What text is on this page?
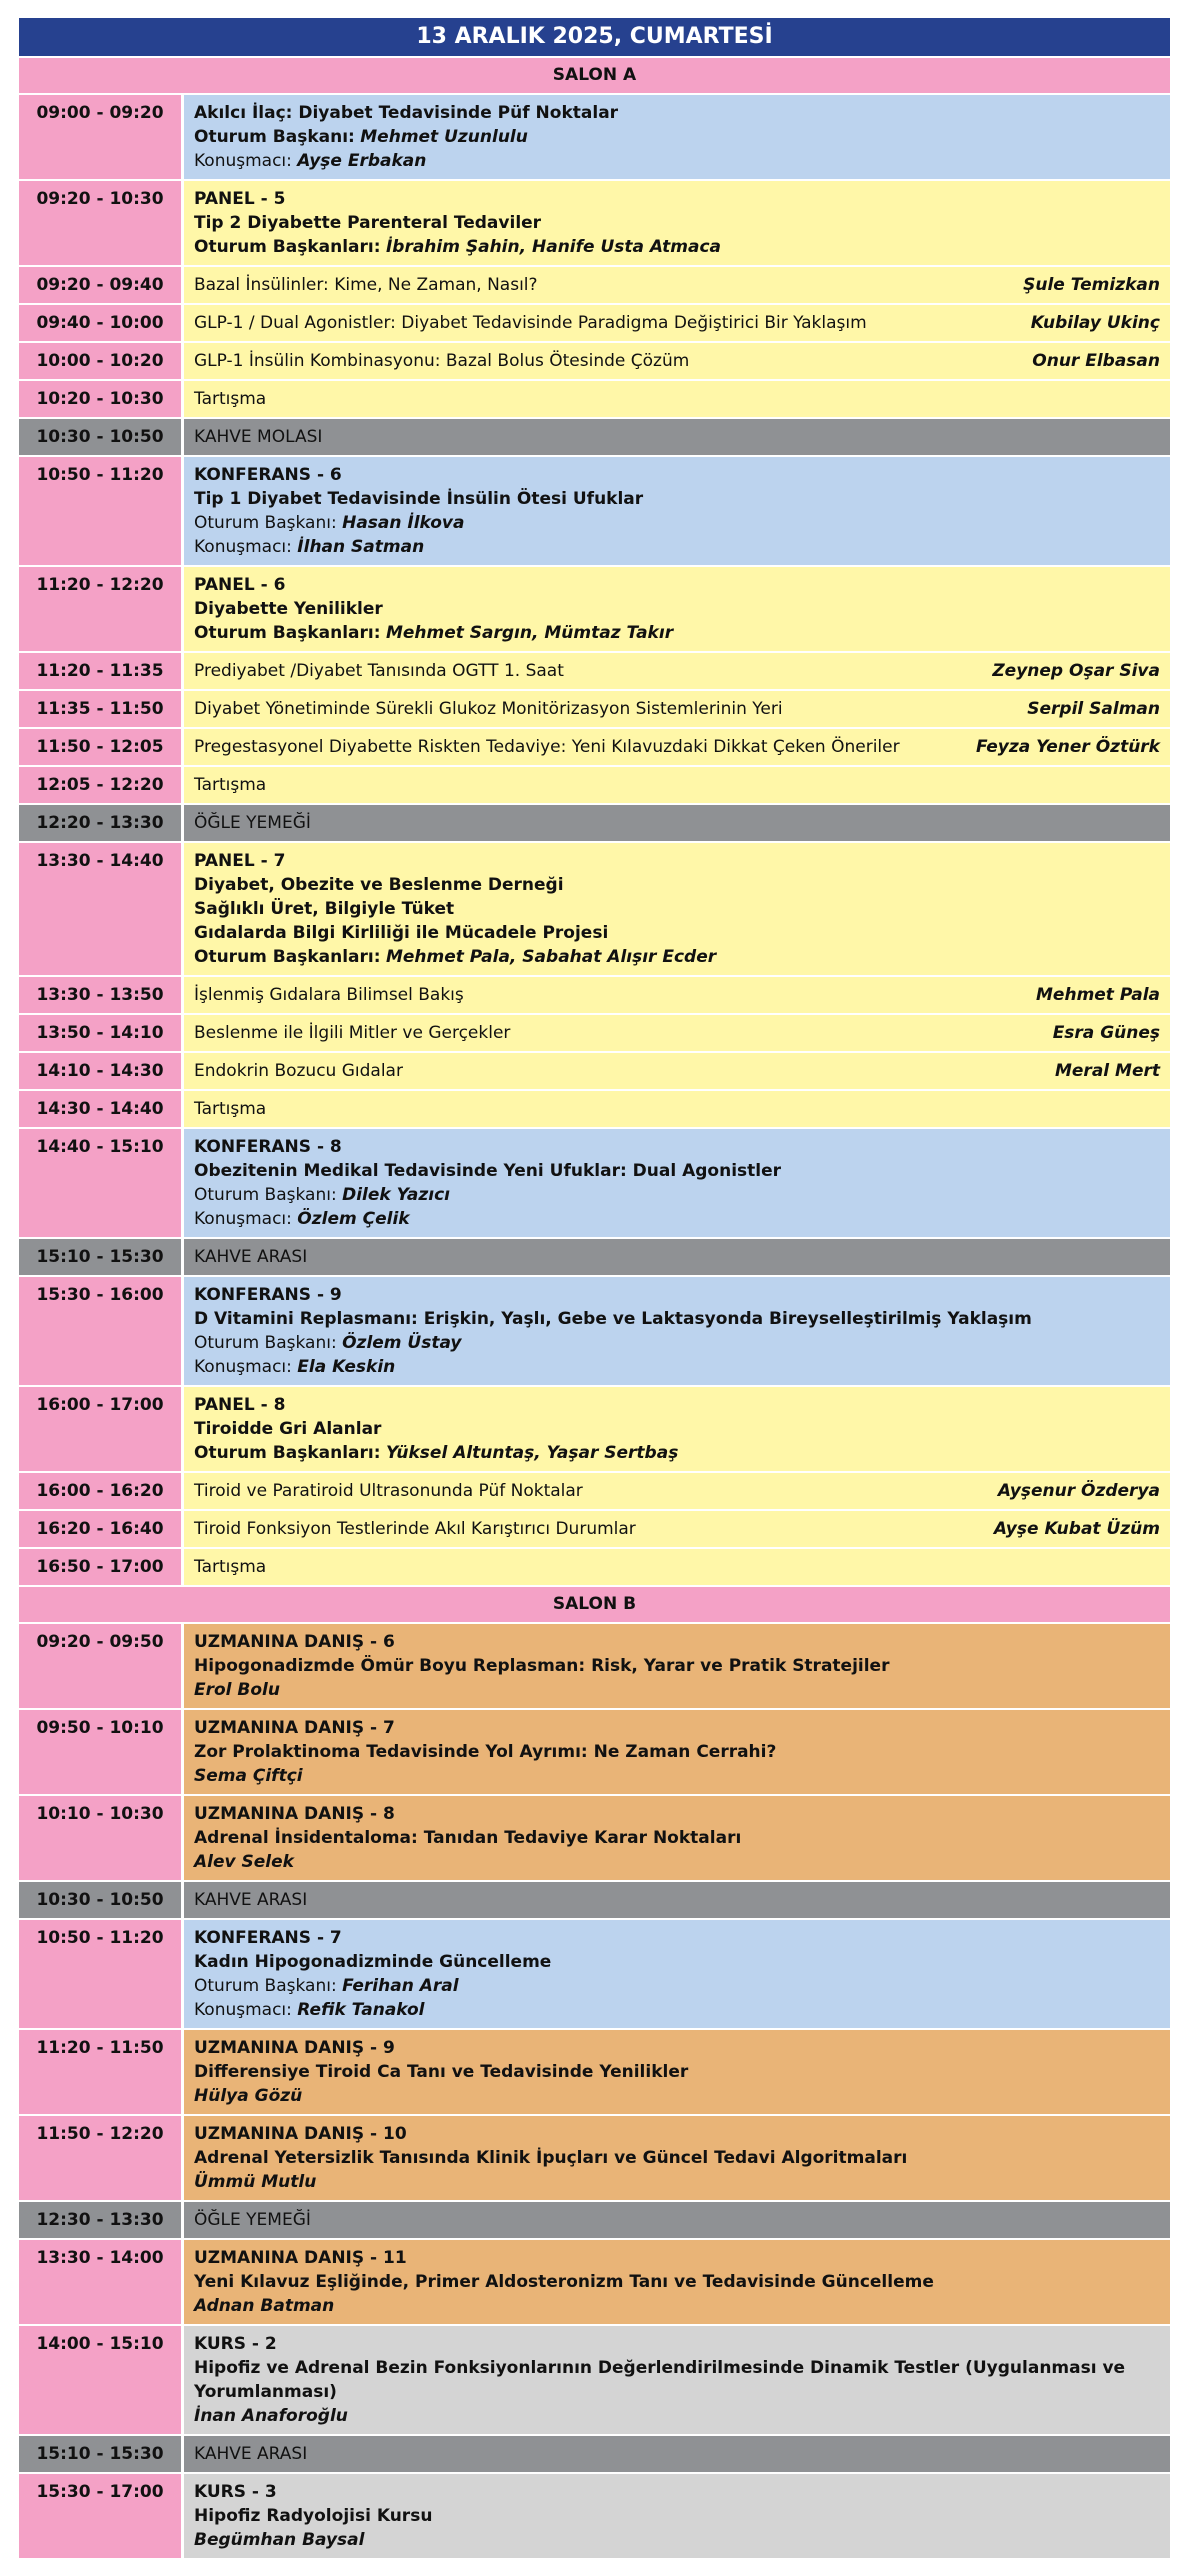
13 ARALIK 2025, CUMARTESİ
SALON A
09:00 - 09:20	Akılcı İlaç: Diyabet Tedavisinde Püf Noktalar
Oturum Başkanı: Mehmet Uzunlulu
Konuşmacı: Ayşe Erbakan
09:20 - 10:30	PANEL - 5
Tip 2 Diyabette Parenteral Tedaviler
Oturum Başkanları: İbrahim Şahin, Hanife Usta Atmaca
09:20 - 09:40	Bazal İnsülinler: Kime, Ne Zaman, Nasıl?	Şule Temizkan
09:40 - 10:00	GLP-1 / Dual Agonistler: Diyabet Tedavisinde Paradigma Değiştirici Bir Yaklaşım	Kubilay Ukinç
10:00 - 10:20	GLP-1 İnsülin Kombinasyonu: Bazal Bolus Ötesinde Çözüm	Onur Elbasan
10:20 - 10:30	Tartışma
10:30 - 10:50	KAHVE MOLASI
10:50 - 11:20	KONFERANS - 6
Tip 1 Diyabet Tedavisinde İnsülin Ötesi Ufuklar
Oturum Başkanı: Hasan İlkova
Konuşmacı: İlhan Satman
11:20 - 12:20	PANEL - 6
Diyabette Yenilikler
Oturum Başkanları: Mehmet Sargın, Mümtaz Takır
11:20 - 11:35	Prediyabet /Diyabet Tanısında OGTT 1. Saat	Zeynep Oşar Siva
11:35 - 11:50	Diyabet Yönetiminde Sürekli Glukoz Monitörizasyon Sistemlerinin Yeri	Serpil Salman
11:50 - 12:05	Pregestasyonel Diyabette Riskten Tedaviye: Yeni Kılavuzdaki Dikkat Çeken Öneriler	Feyza Yener Öztürk
12:05 - 12:20	Tartışma
12:20 - 13:30	ÖĞLE YEMEĞİ
13:30 - 14:40	PANEL - 7
Diyabet, Obezite ve Beslenme Derneği
Sağlıklı Üret, Bilgiyle Tüket
Gıdalarda Bilgi Kirliliği ile Mücadele Projesi
Oturum Başkanları: Mehmet Pala, Sabahat Alışır Ecder
13:30 - 13:50	İşlenmiş Gıdalara Bilimsel Bakış	Mehmet Pala
13:50 - 14:10	Beslenme ile İlgili Mitler ve Gerçekler	Esra Güneş
14:10 - 14:30	Endokrin Bozucu Gıdalar	Meral Mert
14:30 - 14:40	Tartışma
14:40 - 15:10	KONFERANS - 8
Obezitenin Medikal Tedavisinde Yeni Ufuklar: Dual Agonistler
Oturum Başkanı: Dilek Yazıcı
Konuşmacı: Özlem Çelik
15:10 - 15:30	KAHVE ARASI
15:30 - 16:00	KONFERANS - 9
D Vitamini Replasmanı: Erişkin, Yaşlı, Gebe ve Laktasyonda Bireyselleştirilmiş Yaklaşım
Oturum Başkanı: Özlem Üstay
Konuşmacı: Ela Keskin
16:00 - 17:00	PANEL - 8
Tiroidde Gri Alanlar
Oturum Başkanları: Yüksel Altuntaş, Yaşar Sertbaş
16:00 - 16:20	Tiroid ve Paratiroid Ultrasonunda Püf Noktalar	Ayşenur Özderya
16:20 - 16:40	Tiroid Fonksiyon Testlerinde Akıl Karıştırıcı Durumlar	Ayşe Kubat Üzüm
16:50 - 17:00	Tartışma
SALON B
09:20 - 09:50	UZMANINA DANIŞ - 6
Hipogonadizmde Ömür Boyu Replasman: Risk, Yarar ve Pratik Stratejiler
Erol Bolu
09:50 - 10:10	UZMANINA DANIŞ - 7
Zor Prolaktinoma Tedavisinde Yol Ayrımı: Ne Zaman Cerrahi?
Sema Çiftçi
10:10 - 10:30	UZMANINA DANIŞ - 8
Adrenal İnsidentaloma: Tanıdan Tedaviye Karar Noktaları
Alev Selek
10:30 - 10:50	KAHVE ARASI
10:50 - 11:20	KONFERANS - 7
Kadın Hipogonadizminde Güncelleme
Oturum Başkanı: Ferihan Aral
Konuşmacı: Refik Tanakol
11:20 - 11:50	UZMANINA DANIŞ - 9
Differensiye Tiroid Ca Tanı ve Tedavisinde Yenilikler
Hülya Gözü
11:50 - 12:20	UZMANINA DANIŞ - 10
Adrenal Yetersizlik Tanısında Klinik İpuçları ve Güncel Tedavi Algoritmaları
Ümmü Mutlu
12:30 - 13:30	ÖĞLE YEMEĞİ
13:30 - 14:00	UZMANINA DANIŞ - 11
Yeni Kılavuz Eşliğinde, Primer Aldosteronizm Tanı ve Tedavisinde Güncelleme
Adnan Batman
14:00 - 15:10	KURS - 2
Hipofiz ve Adrenal Bezin Fonksiyonlarının Değerlendirilmesinde Dinamik Testler (Uygulanması ve Yorumlanması)
İnan Anaforoğlu
15:10 - 15:30	KAHVE ARASI
15:30 - 17:00	KURS - 3
Hipofiz Radyolojisi Kursu
Begümhan Baysal
